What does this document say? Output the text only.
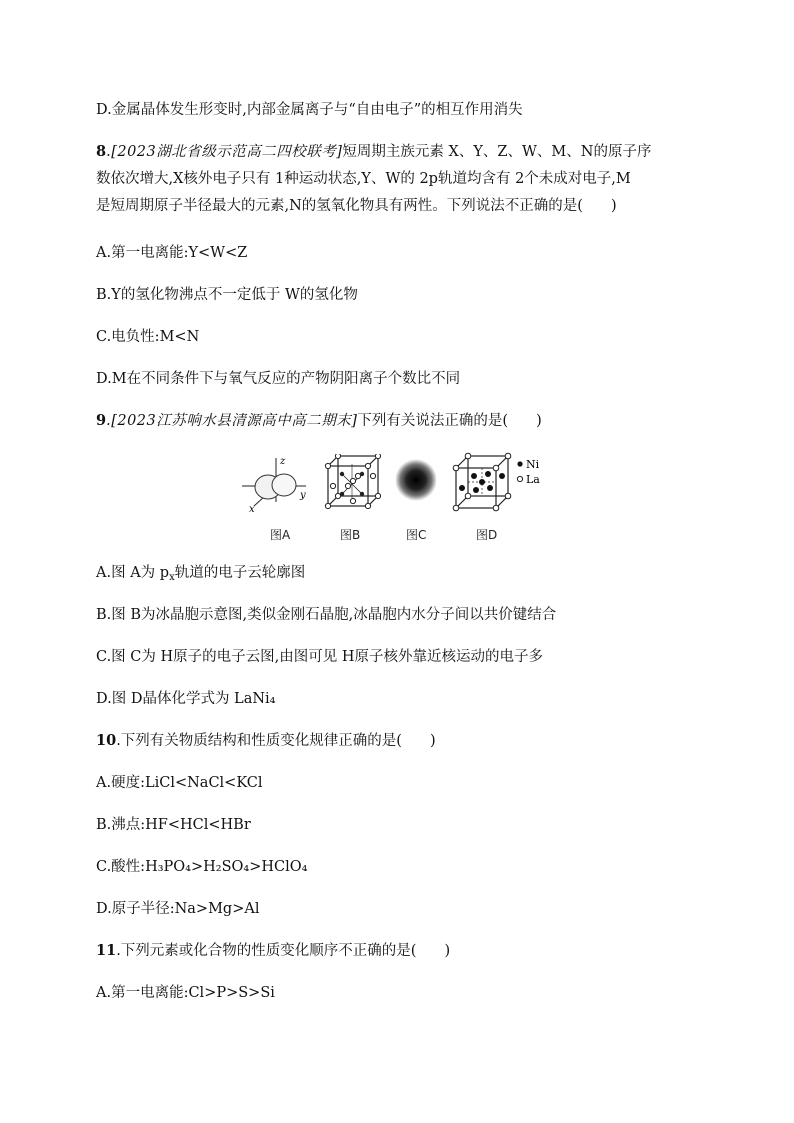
D.金属晶体发生形变时,内部金属离子与“自由电子”的相互作用消失
8.[2023湖北省级示范高二四校联考]短周期主族元素 X、Y、Z、W、M、N的原子序
数依次增大,X核外电子只有 1种运动状态,Y、W的 2p轨道均含有 2个未成对电子,M
是短周期原子半径最大的元素,N的氢氧化物具有两性。下列说法不正确的是( )
A.第一电离能:Y<W<Z
B.Y的氢化物沸点不一定低于 W的氢化物
C.电负性:M<N
D.M在不同条件下与氧气反应的产物阴阳离子个数比不同
9.[2023江苏响水县清源高中高二期末]下列有关说法正确的是( )
z
y
x
Ni
La
图A	图B	图C	图D
A.图 A为 $p_x$轨道的电子云轮廓图
B.图 B为冰晶胞示意图,类似金刚石晶胞,冰晶胞内水分子间以共价键结合
C.图 C为 H原子的电子云图,由图可见 H原子核外靠近核运动的电子多
D.图 D晶体化学式为 LaNi₄
10.下列有关物质结构和性质变化规律正确的是( )
A.硬度:LiCl<NaCl<KCl
B.沸点:HF<HCl<HBr
C.酸性:H₃PO₄>H₂SO₄>HClO₄
D.原子半径:Na>Mg>Al
11.下列元素或化合物的性质变化顺序不正确的是( )
A.第一电离能:Cl>P>S>Si
